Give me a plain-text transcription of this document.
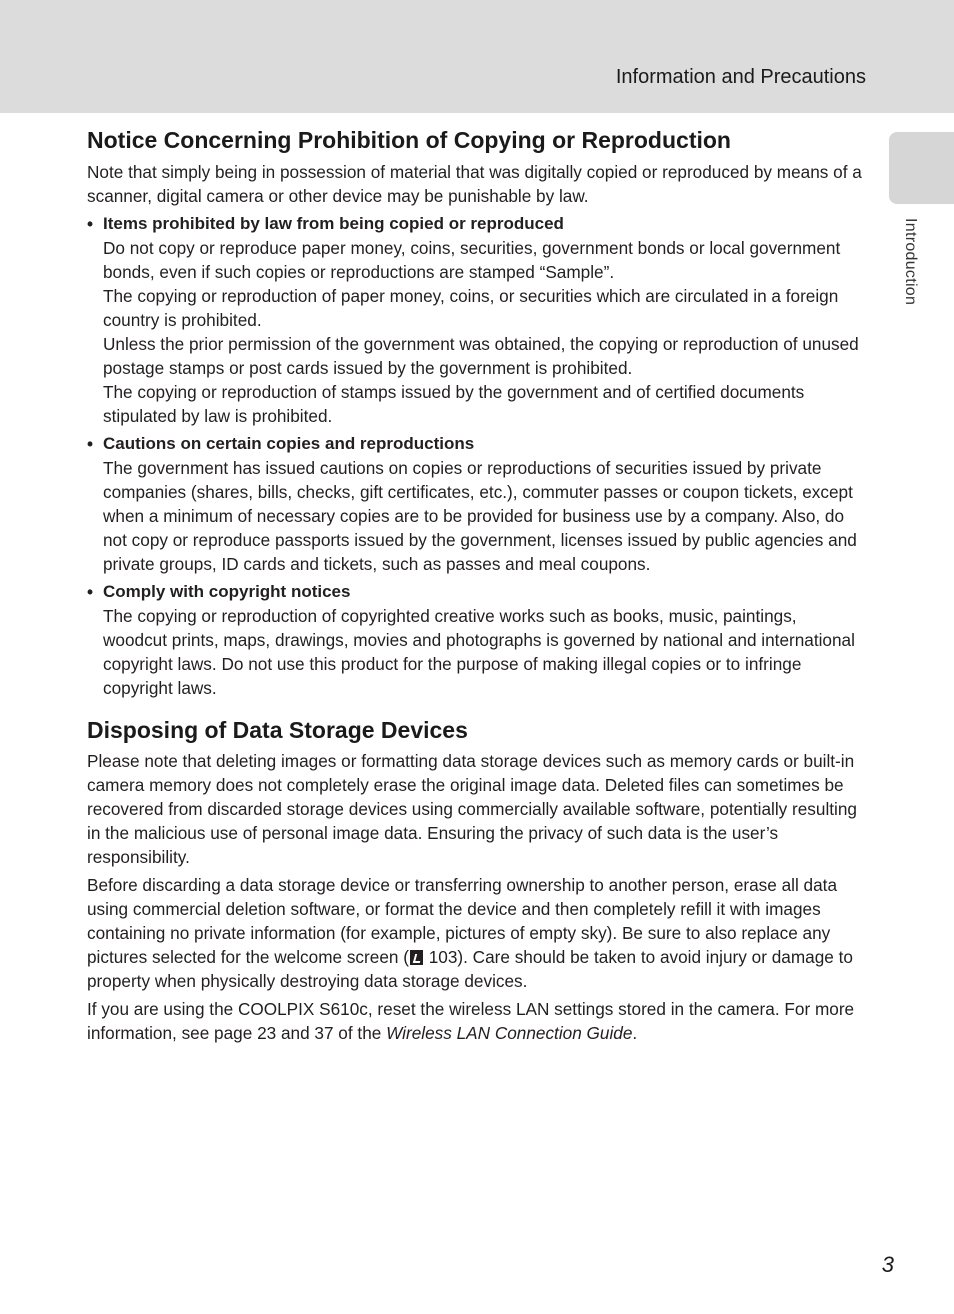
Information and Precautions
Introduction
Notice Concerning Prohibition of Copying or Reproduction

Note that simply being in possession of material that was digitally copied or reproduced by means of a scanner, digital camera or other device may be punishable by law.

• Items prohibited by law from being copied or reproduced

Do not copy or reproduce paper money, coins, securities, government bonds or local government bonds, even if such copies or reproductions are stamped “Sample”.

The copying or reproduction of paper money, coins, or securities which are circulated in a foreign country is prohibited.

Unless the prior permission of the government was obtained, the copying or reproduction of unused postage stamps or post cards issued by the government is prohibited.

The copying or reproduction of stamps issued by the government and of certified documents stipulated by law is prohibited.

• Cautions on certain copies and reproductions

The government has issued cautions on copies or reproductions of securities issued by private companies (shares, bills, checks, gift certificates, etc.), commuter passes or coupon tickets, except when a minimum of necessary copies are to be provided for business use by a company. Also, do not copy or reproduce passports issued by the government, licenses issued by public agencies and private groups, ID cards and tickets, such as passes and meal coupons.

• Comply with copyright notices

The copying or reproduction of copyrighted creative works such as books, music, paintings, woodcut prints, maps, drawings, movies and photographs is governed by national and international copyright laws. Do not use this product for the purpose of making illegal copies or to infringe copyright laws.

Disposing of Data Storage Devices

Please note that deleting images or formatting data storage devices such as memory cards or built-in camera memory does not completely erase the original image data. Deleted files can sometimes be recovered from discarded storage devices using commercially available software, potentially resulting in the malicious use of personal image data. Ensuring the privacy of such data is the user’s responsibility.

Before discarding a data storage device or transferring ownership to another person, erase all data using commercial deletion software, or format the device and then completely refill it with images containing no private information (for example, pictures of empty sky). Be sure to also replace any pictures selected for the welcome screen ( 103). Care should be taken to avoid injury or damage to property when physically destroying data storage devices.

If you are using the COOLPIX S610c, reset the wireless LAN settings stored in the camera. For more information, see page 23 and 37 of the Wireless LAN Connection Guide.

3
